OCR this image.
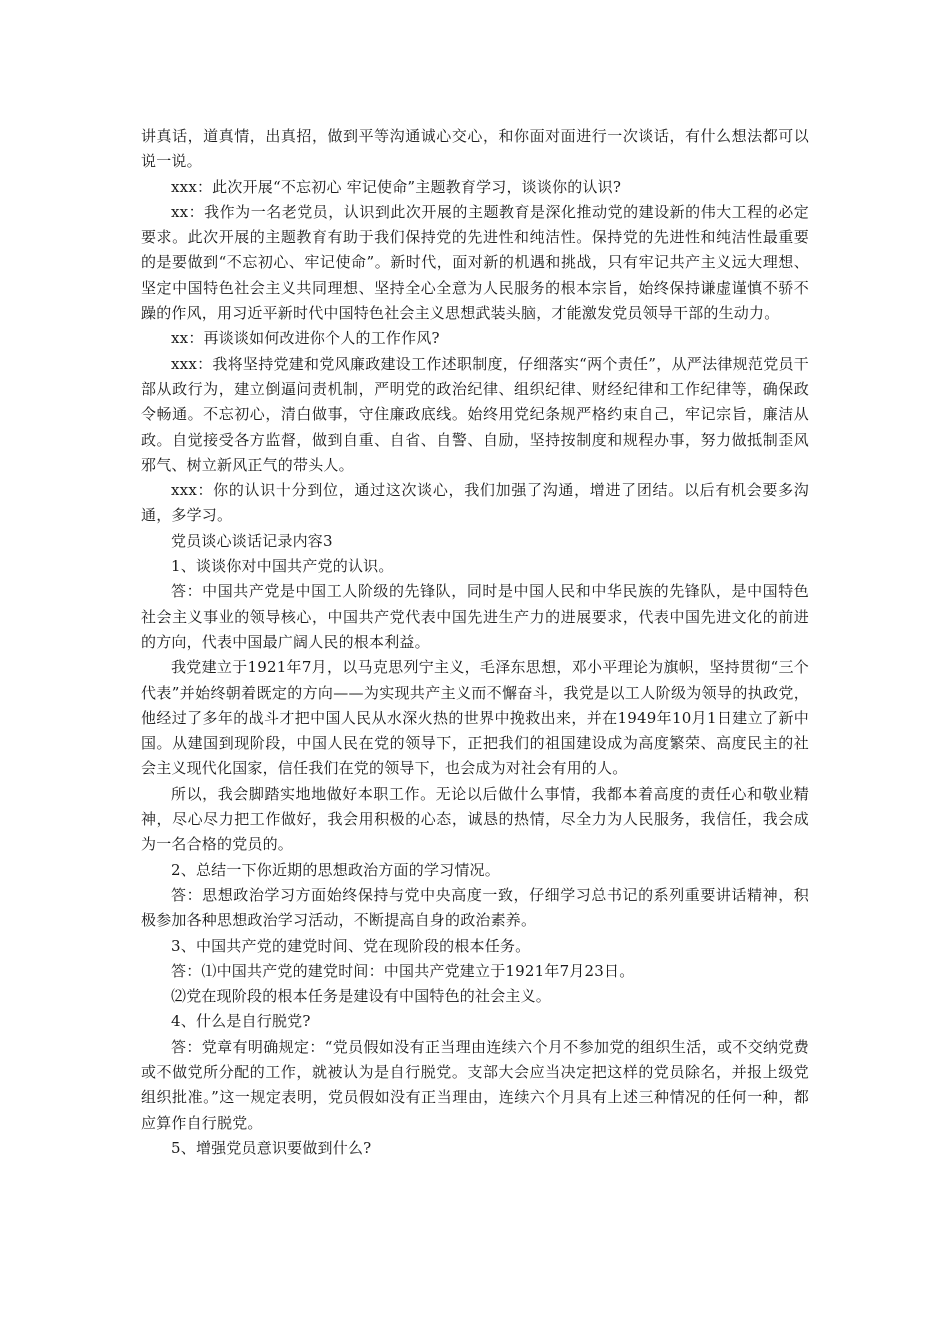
讲真话，道真情，出真招，做到平等沟通诚心交心，和你面对面进行一次谈话，有什么想法都可以说一说。

xxx：此次开展“不忘初心 牢记使命”主题教育学习，谈谈你的认识?

xx：我作为一名老党员，认识到此次开展的主题教育是深化推动党的建设新的伟大工程的必定要求。此次开展的主题教育有助于我们保持党的先进性和纯洁性。保持党的先进性和纯洁性最重要的是要做到“不忘初心、牢记使命”。新时代，面对新的机遇和挑战，只有牢记共产主义远大理想、坚定中国特色社会主义共同理想、坚持全心全意为人民服务的根本宗旨，始终保持谦虚谨慎不骄不躁的作风，用习近平新时代中国特色社会主义思想武装头脑，才能激发党员领导干部的生动力。

xx：再谈谈如何改进你个人的工作作风?

xxx：我将坚持党建和党风廉政建设工作述职制度，仔细落实“两个责任”，从严法律规范党员干部从政行为，建立倒逼问责机制，严明党的政治纪律、组织纪律、财经纪律和工作纪律等，确保政令畅通。不忘初心，清白做事，守住廉政底线。始终用党纪条规严格约束自己，牢记宗旨，廉洁从政。自觉接受各方监督，做到自重、自省、自警、自励，坚持按制度和规程办事，努力做抵制歪风邪气、树立新风正气的带头人。

xxx：你的认识十分到位，通过这次谈心，我们加强了沟通，增进了团结。以后有机会要多沟通，多学习。

党员谈心谈话记录内容3

1、谈谈你对中国共产党的认识。

答：中国共产党是中国工人阶级的先锋队，同时是中国人民和中华民族的先锋队，是中国特色社会主义事业的领导核心，中国共产党代表中国先进生产力的进展要求，代表中国先进文化的前进的方向，代表中国最广阔人民的根本利益。

我党建立于1921年7月，以马克思列宁主义，毛泽东思想，邓小平理论为旗帜，坚持贯彻“三个代表”并始终朝着既定的方向——为实现共产主义而不懈奋斗，我党是以工人阶级为领导的执政党，他经过了多年的战斗才把中国人民从水深火热的世界中挽救出来，并在1949年10月1日建立了新中国。从建国到现阶段，中国人民在党的领导下，正把我们的祖国建设成为高度繁荣、高度民主的社会主义现代化国家，信任我们在党的领导下，也会成为对社会有用的人。

所以，我会脚踏实地地做好本职工作。无论以后做什么事情，我都本着高度的责任心和敬业精神，尽心尽力把工作做好，我会用积极的心态，诚恳的热情，尽全力为人民服务，我信任，我会成为一名合格的党员的。

2、总结一下你近期的思想政治方面的学习情况。

答：思想政治学习方面始终保持与党中央高度一致，仔细学习总书记的系列重要讲话精神，积极参加各种思想政治学习活动，不断提高自身的政治素养。

3、中国共产党的建党时间、党在现阶段的根本任务。

答：⑴中国共产党的建党时间：中国共产党建立于1921年7月23日。

⑵党在现阶段的根本任务是建设有中国特色的社会主义。

4、什么是自行脱党?

答：党章有明确规定：“党员假如没有正当理由连续六个月不参加党的组织生活，或不交纳党费或不做党所分配的工作，就被认为是自行脱党。支部大会应当决定把这样的党员除名，并报上级党组织批准。”这一规定表明，党员假如没有正当理由，连续六个月具有上述三种情况的任何一种，都应算作自行脱党。

5、增强党员意识要做到什么?
